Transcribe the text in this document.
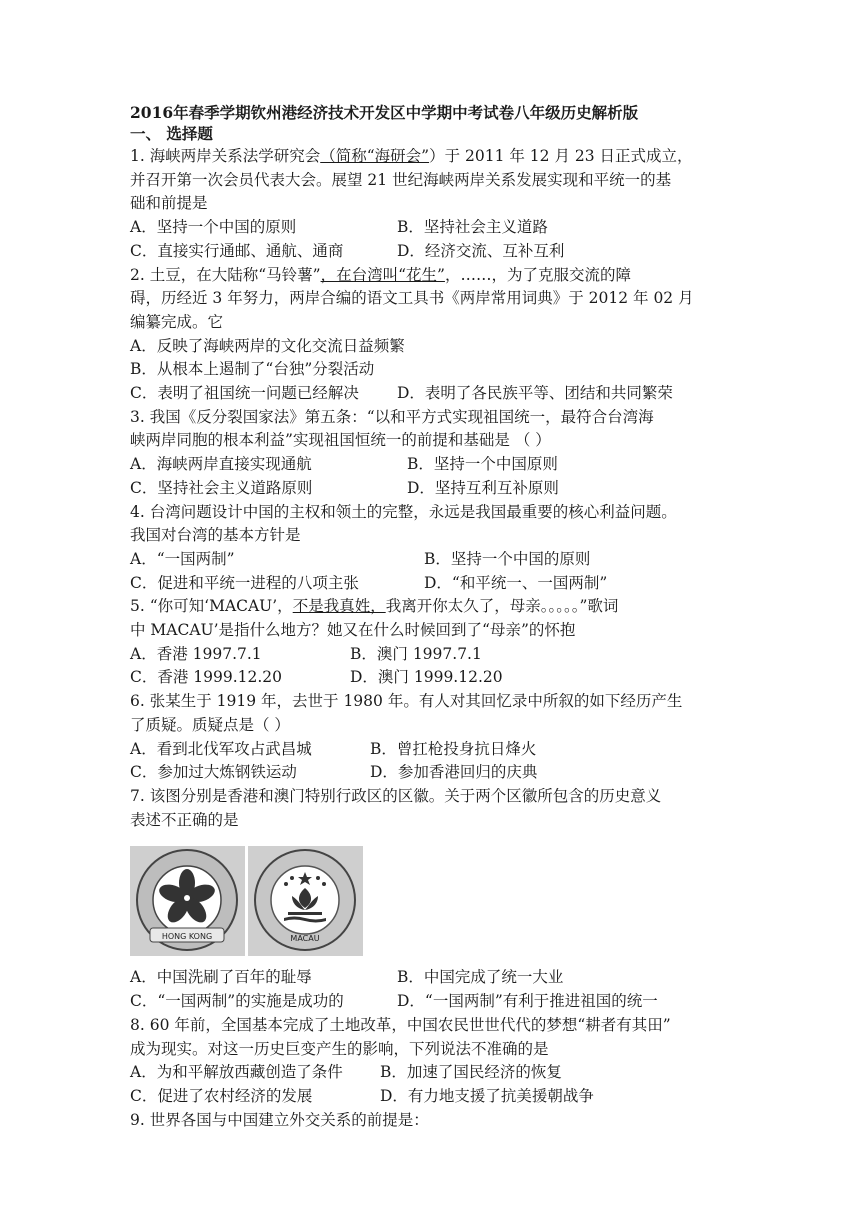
2016年春季学期钦州港经济技术开发区中学期中考试卷八年级历史解析版
一、 选择题
1. 海峡两岸关系法学研究会（简称“海研会”）于 2011 年 12 月 23 日正式成立，
并召开第一次会员代表大会。展望 21 世纪海峡两岸关系发展实现和平统一的基
础和前提是
A．坚持一个中国的原则	B．坚持社会主义道路
C．直接实行通邮、通航、通商	D．经济交流、互补互利
2. 土豆，在大陆称“马铃薯”，在台湾叫“花生”，……，为了克服交流的障
碍，历经近 3 年努力，两岸合编的语文工具书《两岸常用词典》于 2012 年 02 月
编纂完成。它
A．反映了海峡两岸的文化交流日益频繁
B．从根本上遏制了“台独”分裂活动
C．表明了祖国统一问题已经解决	D．表明了各民族平等、团结和共同繁荣
3. 我国《反分裂国家法》第五条：“以和平方式实现祖国统一，最符合台湾海
峡两岸同胞的根本利益”实现祖国恒统一的前提和基础是 （ ）
A．海峡两岸直接实现通航	B．坚持一个中国原则
C．坚持社会主义道路原则	D．坚持互利互补原则
4. 台湾问题设计中国的主权和领土的完整，永远是我国最重要的核心利益问题。
我国对台湾的基本方针是
A．“一国两制”	B．坚持一个中国的原则
C．促进和平统一进程的八项主张	D．“和平统一、一国两制”
5. “你可知‘MACAU’，不是我真姓，我离开你太久了，母亲。。。。。”歌词
中 MACAU’是指什么地方？她又在什么时候回到了“母亲”的怀抱
A．香港 1997.7.1	B．澳门 1997.7.1
C．香港 1999.12.20	D．澳门 1999.12.20
6. 张某生于 1919 年，去世于 1980 年。有人对其回忆录中所叙的如下经历产生
了质疑。质疑点是（ ）
A．看到北伐军攻占武昌城	B．曾扛枪投身抗日烽火
C．参加过大炼钢铁运动	D．参加香港回归的庆典
7. 该图分别是香港和澳门特别行政区的区徽。关于两个区徽所包含的历史意义
表述不正确的是
HONG KONG	MACAU
A．中国洗刷了百年的耻辱	B．中国完成了统一大业
C．“一国两制”的实施是成功的	D．“一国两制”有利于推进祖国的统一
8. 60 年前，全国基本完成了土地改革，中国农民世世代代的梦想“耕者有其田”
成为现实。对这一历史巨变产生的影响，下列说法不准确的是
A．为和平解放西藏创造了条件	B．加速了国民经济的恢复
C．促进了农村经济的发展	D．有力地支援了抗美援朝战争
9. 世界各国与中国建立外交关系的前提是：
